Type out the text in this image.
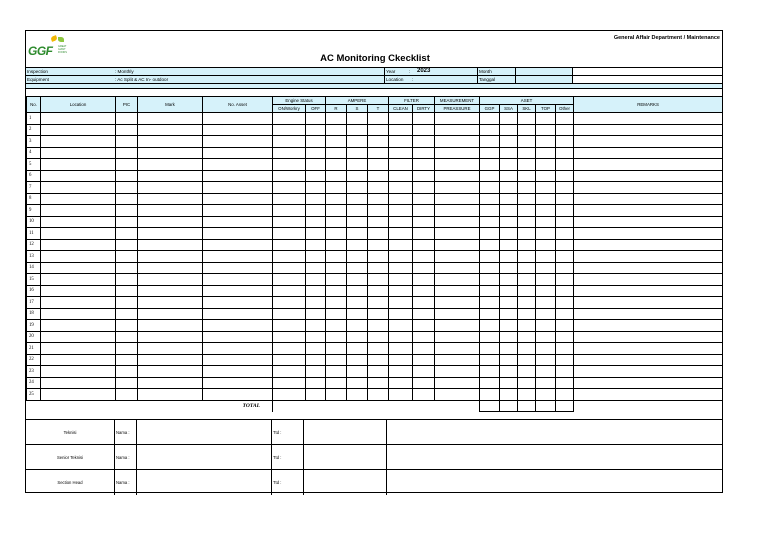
GGF GREAT GIANT FOODS
General Affair Department / Maintenance
AC Monitoring Ckecklist
Inspection	: Monthly	Year	:	2023	Month
Equipment	: Ac Split & AC In- outdoor	Location	:	Tanggal
No.	Location	PIC	Mark	No. Asset	Engine Status		AMPERE			FILTER		MEASUREMENT	ASET					REMARKS
					ON/Workry	OFF	R	S	T	CLEAN	DIRTY	PREASSURE	GGP	SSA	SKL	TOP	Other	
1																		
2																		
3																		
4																		
5																		
6																		
7																		
8																		
9																		
10																		
11																		
12																		
13																		
14																		
15																		
16																		
17																		
18																		
19																		
20																		
21																		
22																		
23																		
24																		
25																		
TOTAL																		
Teknisi	Nama :	Ttd :
Senior Teknisi	Nama :	Ttd :
Section Head	Nama :	Ttd :
